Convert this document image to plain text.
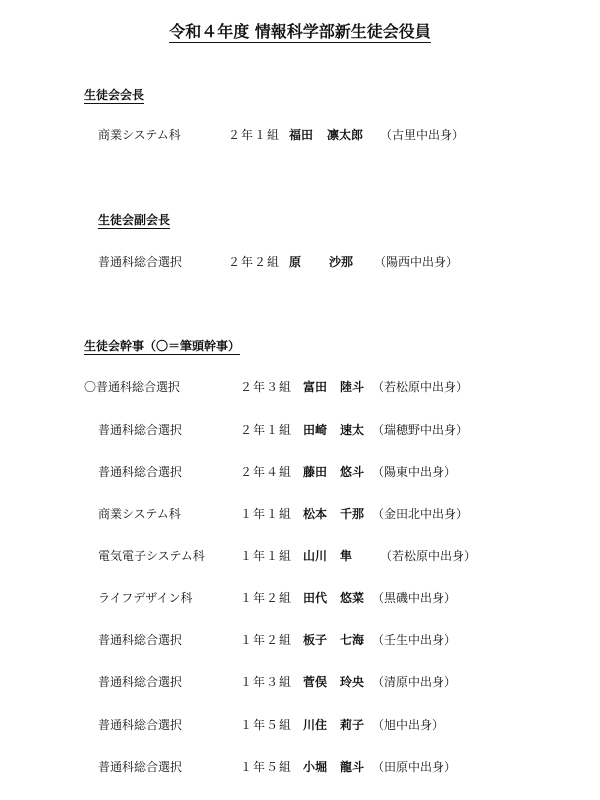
令和４年度 情報科学部新生徒会役員
生徒会会長
商業システム科	２年１組 福田 凛太郎 （古里中出身）
生徒会副会長
普通科総合選択	２年２組 原 沙那 （陽西中出身）
生徒会幹事（〇＝筆頭幹事）
〇普通科総合選択	２年３組 富田 陸斗 （若松原中出身）
普通科総合選択	２年１組 田崎 速太 （瑞穂野中出身）
普通科総合選択	２年４組 藤田 悠斗 （陽東中出身）
商業システム科	１年１組 松本 千那 （金田北中出身）
電気電子システム科	１年１組 山川 隼 （若松原中出身）
ライフデザイン科	１年２組 田代 悠菜 （黒磯中出身）
普通科総合選択	１年２組 板子 七海 （壬生中出身）
普通科総合選択	１年３組 菅俣 玲央 （清原中出身）
普通科総合選択	１年５組 川住 莉子 （旭中出身）
普通科総合選択	１年５組 小堀 龍斗 （田原中出身）
